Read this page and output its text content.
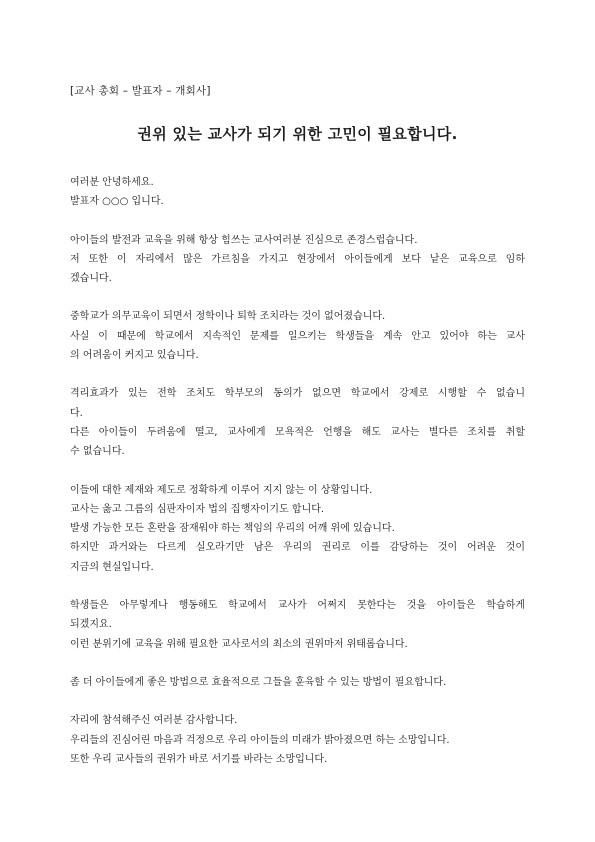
[교사 총회 – 발표자 – 개회사]
권위 있는 교사가 되기 위한 고민이 필요합니다.
여러분 안녕하세요.
발표자 ○○○ 입니다.
아이들의 발전과 교육을 위해 항상 힘쓰는 교사여러분 진심으로 존경스럽습니다.
저 또한 이 자리에서 많은 가르침을 가지고 현장에서 아이들에게 보다 낱은 교육으로 임하
겠습니다.
중학교가 의무교육이 되면서 정학이나 퇴학 조치라는 것이 없어졌습니다.
사실 이 때문에 학교에서 지속적인 문제를 일으키는 학생들을 계속 안고 있어야 하는 교사
의 어려움이 커지고 있습니다.
격리효과가 있는 전학 조치도 학부모의 동의가 없으면 학교에서 강제로 시행할 수 없습니
다.
다른 아이들이 두려움에 떨고, 교사에게 모욕적은 언행을 해도 교사는 별다른 조치를 취할
수 없습니다.
이들에 대한 제재와 제도로 정확하게 이루어 지지 않는 이 상황입니다.
교사는 옳고 그름의 심판자이자 법의 집행자이기도 합니다.
발생 가능한 모든 혼란을 잠재워야 하는 책임의 우리의 어깨 위에 있습니다.
하지만 과거와는 다르게 실오라기만 남은 우리의 권리로 이를 감당하는 것이 어려운 것이
지금의 현실입니다.
학생들은 아무렇게나 행동해도 학교에서 교사가 어쩌지 못한다는 것을 아이들은 학습하게
되겠지요.
이런 분위기에 교육을 위해 필요한 교사로서의 최소의 권위마저 위태롭습니다.
좀 더 아이들에게 좋은 방법으로 효율적으로 그들을 훈육할 수 있는 방법이 필요합니다.
자리에 참석해주신 여러분 감사합니다.
우리들의 진심어린 마음과 걱정으로 우리 아이들의 미래가 밝아졌으면 하는 소망입니다.
또한 우리 교사들의 권위가 바로 서기를 바라는 소망입니다.
